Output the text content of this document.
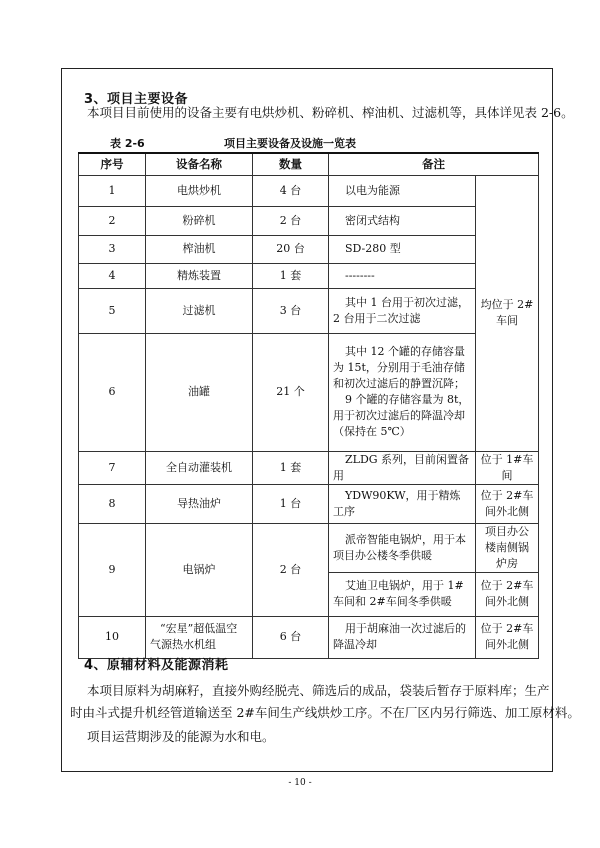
3、项目主要设备
本项目目前使用的设备主要有电烘炒机、粉碎机、榨油机、过滤机等，具体详见表 2-6。
表 2-6	项目主要设备及设施一览表
序号	设备名称	数量	备注	
1	电烘炒机	4 台	以电为能源	均位于 2#车间
2	粉碎机	2 台	密闭式结构	

3	榨油机	20 台	SD-280 型	

4	精炼装置	1 套	--------	

5	过滤机	3 台	其中 1 台用于初次过滤，2 台用于二次过滤	

6	油罐	21 个	其中 12 个罐的存储容量为 15t，分别用于毛油存储和初次过滤后的静置沉降；
9 个罐的存储容量为 8t，用于初次过滤后的降温冷却（保持在 5℃）	

7	全自动灌装机	1 套	ZLDG 系列，目前闲置备用	位于 1#车间
8	导热油炉	1 台	YDW90KW，用于精炼工序	位于 2#车间外北侧
9	电锅炉	2 台	派帝智能电锅炉，用于本项目办公楼冬季供暖	项目办公楼南侧锅炉房

			艾迪卫电锅炉，用于 1#车间和 2#车间冬季供暖	位于 2#车间外北侧
10	“宏星”超低温空气源热水机组	6 台	用于胡麻油一次过滤后的降温冷却	位于 2#车间外北侧
4、原辅材料及能源消耗
本项目原料为胡麻籽，直接外购经脱壳、筛选后的成品，袋装后暂存于原料库；生产
时由斗式提升机经管道输送至 2#车间生产线烘炒工序。不在厂区内另行筛选、加工原材料。
项目运营期涉及的能源为水和电。
- 10 -
